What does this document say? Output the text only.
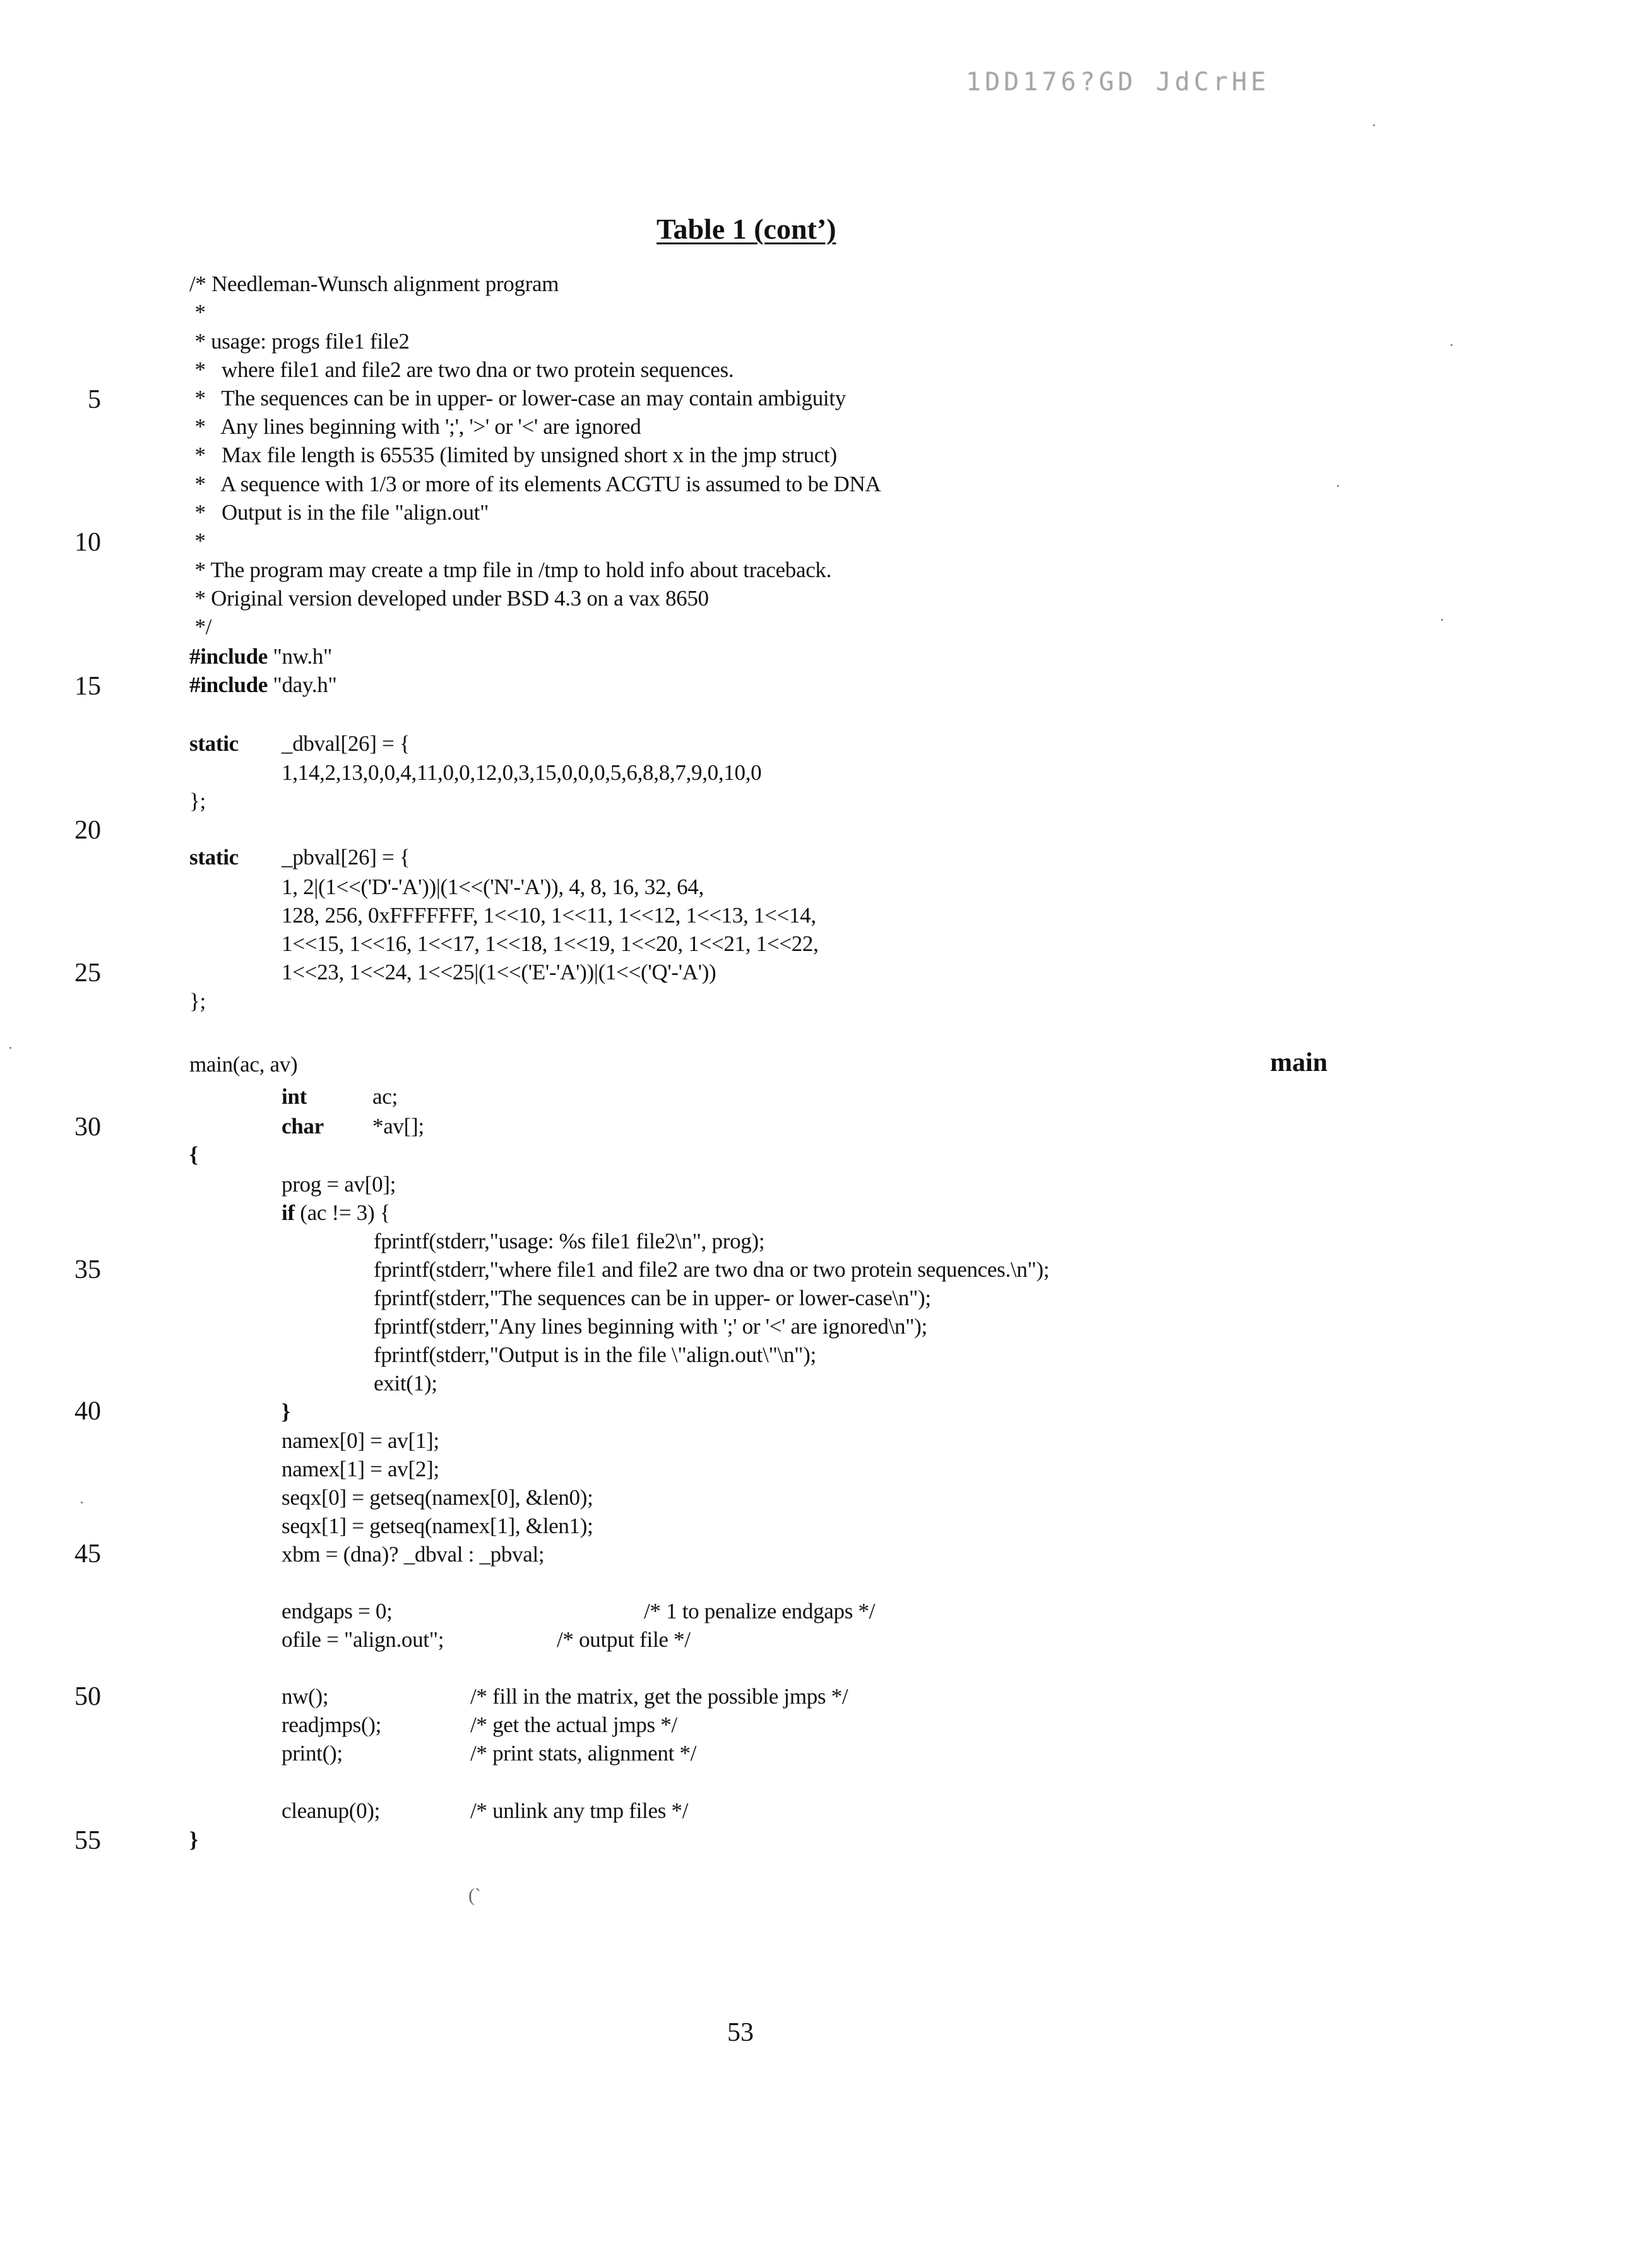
1DD176?GD JdCrHE
Table 1 (cont’)
5
10
15
20
25
30
35
40
45
50
55
/* Needleman-Wunsch alignment program
*
* usage: progs file1 file2
*   where file1 and file2 are two dna or two protein sequences.
*   The sequences can be in upper- or lower-case an may contain ambiguity
*   Any lines beginning with ';', '>' or '<' are ignored
*   Max file length is 65535 (limited by unsigned short x in the jmp struct)
*   A sequence with 1/3 or more of its elements ACGTU is assumed to be DNA
*   Output is in the file "align.out"
*
* The program may create a tmp file in /tmp to hold info about traceback.
* Original version developed under BSD 4.3 on a vax 8650
*/
#include "nw.h"
#include "day.h"
static _dbval[26] = {
1,14,2,13,0,0,4,11,0,0,12,0,3,15,0,0,0,5,6,8,8,7,9,0,10,0
};
static _pbval[26] = {
1, 2|(1<<('D'-'A'))|(1<<('N'-'A')), 4, 8, 16, 32, 64,
128, 256, 0xFFFFFFF, 1<<10, 1<<11, 1<<12, 1<<13, 1<<14,
1<<15, 1<<16, 1<<17, 1<<18, 1<<19, 1<<20, 1<<21, 1<<22,
1<<23, 1<<24, 1<<25|(1<<('E'-'A'))|(1<<('Q'-'A'))
};
main(ac, av)	main
int	ac;
char *av[];
{
prog = av[0];
if (ac != 3) {
fprintf(stderr,"usage: %s file1 file2\n", prog);
fprintf(stderr,"where file1 and file2 are two dna or two protein sequences.\n");
fprintf(stderr,"The sequences can be in upper- or lower-case\n");
fprintf(stderr,"Any lines beginning with ';' or '<' are ignored\n");
fprintf(stderr,"Output is in the file \"align.out\"\n");
exit(1);
}
namex[0] = av[1];
namex[1] = av[2];
seqx[0] = getseq(namex[0], &len0);
seqx[1] = getseq(namex[1], &len1);
xbm = (dna)? _dbval : _pbval;
endgaps = 0;	/* 1 to penalize endgaps */
ofile = "align.out";	/* output file */
nw();	/* fill in the matrix, get the possible jmps */
readjmps();	/* get the actual jmps */
print();	/* print stats, alignment */
cleanup(0);	/* unlink any tmp files */
}
(`
53
